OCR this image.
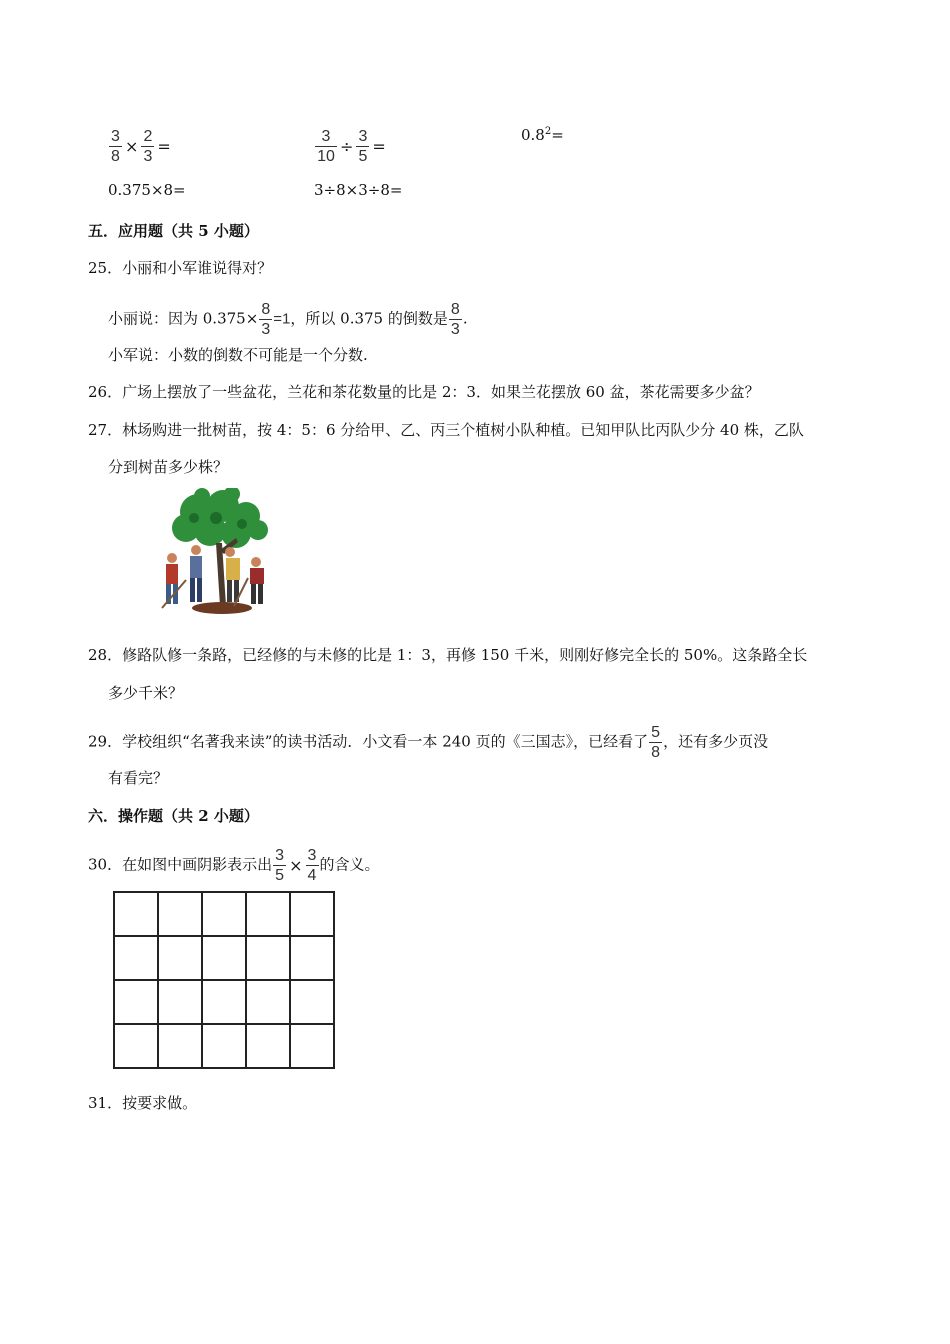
$\frac{3}{8} \times \frac{2}{3}$ =	$\frac{3}{10} \div \frac{3}{5}$ =
$0.8^2=$
0.375×8=	3÷8×3÷8=
五．应用题（共 5 小题）
25．小丽和小军谁说得对？
小丽说：因为 $0.375\times \frac{8}{3} =1$，所以 0.375 的倒数是 $\frac{8}{3}$ .
小军说：小数的倒数不可能是一个分数.
26．广场上摆放了一些盆花，兰花和茶花数量的比是 2：3．如果兰花摆放 60 盆，茶花需要多少盆？
27．林场购进一批树苗，按 4：5：6 分给甲、乙、丙三个植树小队种植。已知甲队比丙队少分 40 株，乙队
分到树苗多少株？
28．修路队修一条路，已经修的与未修的比是 1：3，再修 150 千米，则刚好修完全长的 50%。这条路全长
多少千米？
29．学校组织“名著我来读”的读书活动．小文看一本 240 页的《三国志》，已经看了 $\frac{5}{8}$ ，还有多少页没
有看完？
六．操作题（共 2 小题）
30．在如图中画阴影表示出 $\frac{3}{5} \times \frac{3}{4}$ 的含义。

31．按要求做。
